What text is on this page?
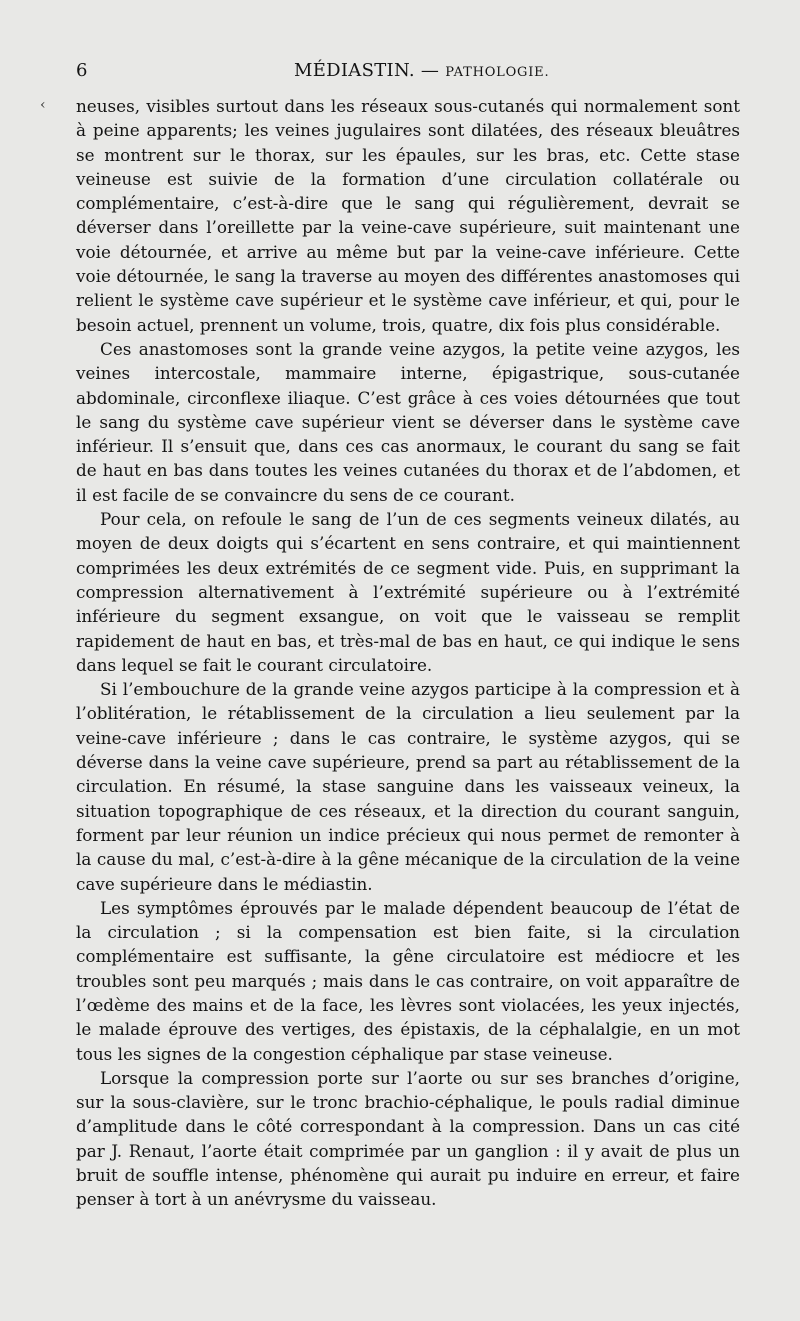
6	MÉDIASTIN. — PATHOLOGIE.
‹ neuses, visibles surtout dans les réseaux sous-cutanés qui normalement sont à peine apparents; les veines jugulaires sont dilatées, des réseaux bleuâtres se montrent sur le thorax, sur les épaules, sur les bras, etc. Cette stase veineuse est suivie de la formation d’une circulation collatérale ou complémentaire, c’est-à-dire que le sang qui régulièrement, devrait se déverser dans l’oreillette par la veine-cave supérieure, suit maintenant une voie détournée, et arrive au même but par la veine-cave inférieure. Cette voie détournée, le sang la traverse au moyen des différentes anastomoses qui relient le système cave supérieur et le système cave inférieur, et qui, pour le besoin actuel, prennent un volume, trois, quatre, dix fois plus considérable.

Ces anastomoses sont la grande veine azygos, la petite veine azygos, les veines intercostale, mammaire interne, épigastrique, sous-cutanée abdominale, circonflexe iliaque. C’est grâce à ces voies détournées que tout le sang du système cave supérieur vient se déverser dans le système cave inférieur. Il s’ensuit que, dans ces cas anormaux, le courant du sang se fait de haut en bas dans toutes les veines cutanées du thorax et de l’abdomen, et il est facile de se convaincre du sens de ce courant.

Pour cela, on refoule le sang de l’un de ces segments veineux dilatés, au moyen de deux doigts qui s’écartent en sens contraire, et qui maintiennent comprimées les deux extrémités de ce segment vide. Puis, en supprimant la compression alternativement à l’extrémité supérieure ou à l’extrémité inférieure du segment exsangue, on voit que le vaisseau se remplit rapidement de haut en bas, et très-mal de bas en haut, ce qui indique le sens dans lequel se fait le courant circulatoire.

Si l’embouchure de la grande veine azygos participe à la compression et à l’oblitération, le rétablissement de la circulation a lieu seulement par la veine-cave inférieure ; dans le cas contraire, le système azygos, qui se déverse dans la veine cave supérieure, prend sa part au rétablissement de la circulation. En résumé, la stase sanguine dans les vaisseaux veineux, la situation topographique de ces réseaux, et la direction du courant sanguin, forment par leur réunion un indice précieux qui nous permet de remonter à la cause du mal, c’est-à-dire à la gêne mécanique de la circulation de la veine cave supérieure dans le médiastin.

Les symptômes éprouvés par le malade dépendent beaucoup de l’état de la circulation ; si la compensation est bien faite, si la circulation complémentaire est suffisante, la gêne circulatoire est médiocre et les troubles sont peu marqués ; mais dans le cas contraire, on voit apparaître de l’œdème des mains et de la face, les lèvres sont violacées, les yeux injectés, le malade éprouve des vertiges, des épistaxis, de la céphalalgie, en un mot tous les signes de la congestion céphalique par stase veineuse.

Lorsque la compression porte sur l’aorte ou sur ses branches d’origine, sur la sous-clavière, sur le tronc brachio-céphalique, le pouls radial diminue d’amplitude dans le côté correspondant à la compression. Dans un cas cité par J. Renaut, l’aorte était comprimée par un ganglion : il y avait de plus un bruit de souffle intense, phénomène qui aurait pu induire en erreur, et faire penser à tort à un anévrysme du vaisseau.
